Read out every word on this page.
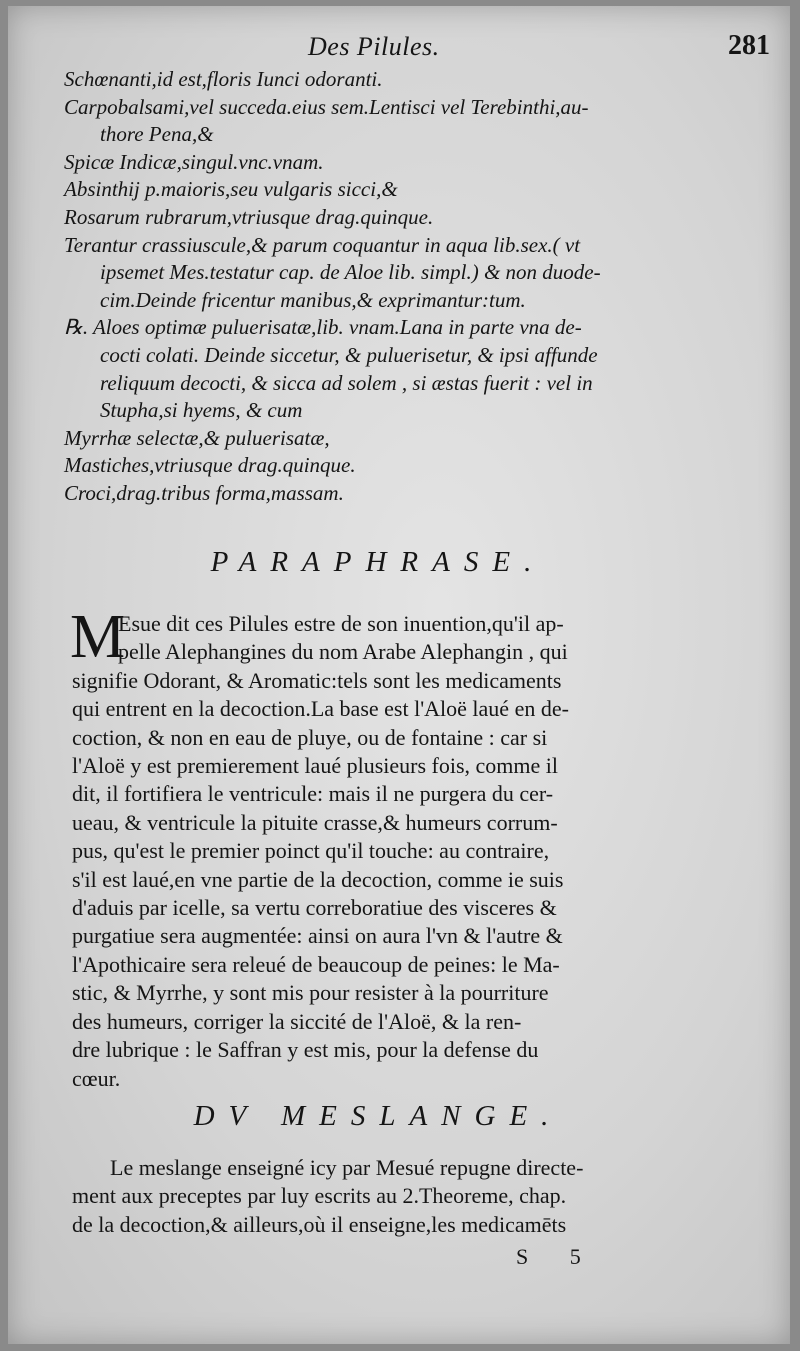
Des Pilules.	281
Schœnanti,id est,floris Iunci odoranti.
Carpobalsami,vel succeda.eius sem.Lentisci vel Terebinthi,au-
thore Pena,&
Spicæ Indicæ,singul.vnc.vnam.
Absinthij p.maioris,seu vulgaris sicci,&
Rosarum rubrarum,vtriusque drag.quinque.
Terantur crassiuscule,& parum coquantur in aqua lib.sex.( vt
ipsemet Mes.testatur cap. de Aloe lib. simpl.) & non duode-
cim.Deinde fricentur manibus,& exprimantur:tum.
℞. Aloes optimæ puluerisatæ,lib. vnam.Lana in parte vna de-
cocti colati. Deinde siccetur, & puluerisetur, & ipsi affunde
reliquum decocti, & sicca ad solem , si æstas fuerit : vel in
Stupha,si hyems, & cum
Myrrhæ selectæ,& puluerisatæ,
Mastiches,vtriusque drag.quinque.
Croci,drag.tribus forma,massam.
PARAPHRASE.
M
Esue dit ces Pilules estre de son inuention,qu'il ap-
pelle Alephangines du nom Arabe Alephangin , qui
signifie Odorant, & Aromatic:tels sont les medicaments
qui entrent en la decoction.La base est l'Aloë laué en de-
coction, & non en eau de pluye, ou de fontaine : car si
l'Aloë y est premierement laué plusieurs fois, comme il
dit, il fortifiera le ventricule: mais il ne purgera du cer-
ueau, & ventricule la pituite crasse,& humeurs corrum-
pus, qu'est le premier poinct qu'il touche: au contraire,
s'il est laué,en vne partie de la decoction, comme ie suis
d'aduis par icelle, sa vertu correboratiue des visceres &
purgatiue sera augmentée: ainsi on aura l'vn & l'autre &
l'Apothicaire sera releué de beaucoup de peines: le Ma-
stic, & Myrrhe, y sont mis pour resister à la pourriture
des humeurs, corriger la siccité de l'Aloë, & la ren-
dre lubrique : le Saffran y est mis, pour la defense du
cœur.
DV MESLANGE.
Le meslange enseigné icy par Mesué repugne directe-
ment aux preceptes par luy escrits au 2.Theoreme, chap.
de la decoction,& ailleurs,où il enseigne,les medicamēts
S 5
